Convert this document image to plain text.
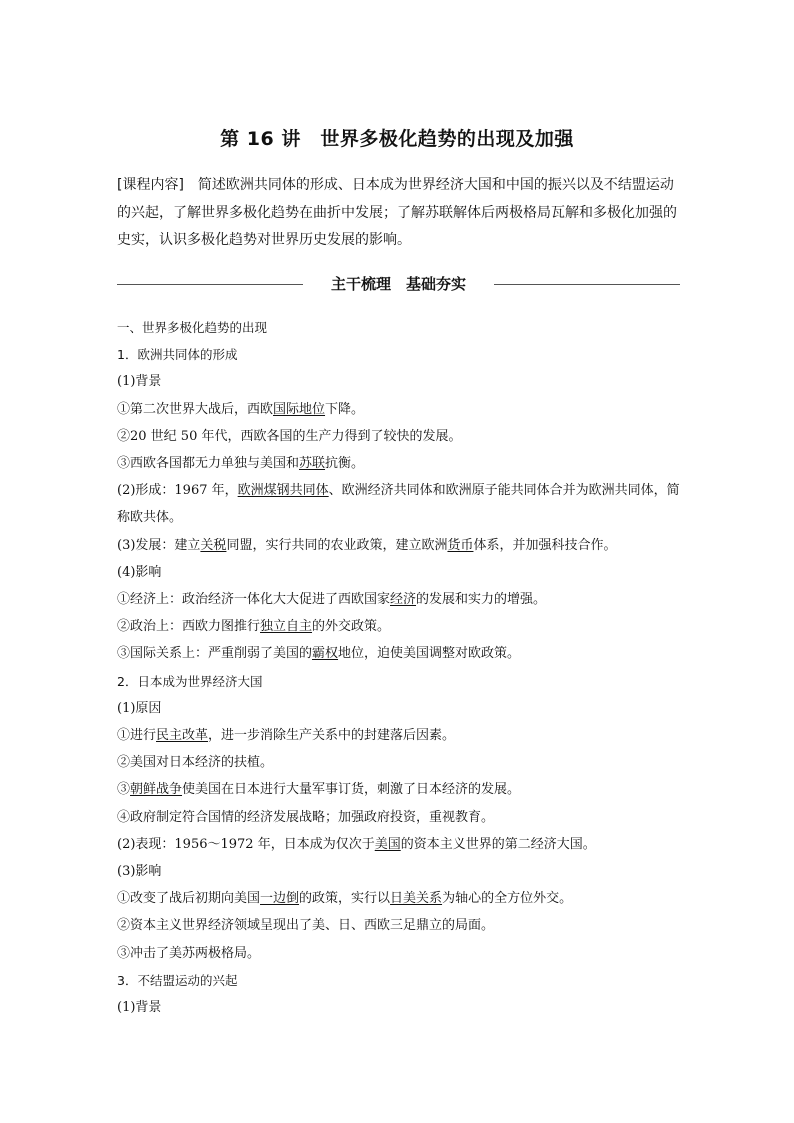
第 16 讲　世界多极化趋势的出现及加强
[课程内容]　简述欧洲共同体的形成、日本成为世界经济大国和中国的振兴以及不结盟运动的兴起，了解世界多极化趋势在曲折中发展；了解苏联解体后两极格局瓦解和多极化加强的史实，认识多极化趋势对世界历史发展的影响。
主干梳理　基础夯实
一、世界多极化趋势的出现
1．欧洲共同体的形成
(1)背景
①第二次世界大战后，西欧国际地位下降。
②20 世纪 50 年代，西欧各国的生产力得到了较快的发展。
③西欧各国都无力单独与美国和苏联抗衡。
(2)形成：1967 年，欧洲煤钢共同体、欧洲经济共同体和欧洲原子能共同体合并为欧洲共同体，简称欧共体。
(3)发展：建立关税同盟，实行共同的农业政策，建立欧洲货币体系，并加强科技合作。
(4)影响
①经济上：政治经济一体化大大促进了西欧国家经济的发展和实力的增强。
②政治上：西欧力图推行独立自主的外交政策。
③国际关系上：严重削弱了美国的霸权地位，迫使美国调整对欧政策。
2．日本成为世界经济大国
(1)原因
①进行民主改革，进一步消除生产关系中的封建落后因素。
②美国对日本经济的扶植。
③朝鲜战争使美国在日本进行大量军事订货，刺激了日本经济的发展。
④政府制定符合国情的经济发展战略；加强政府投资，重视教育。
(2)表现：1956～1972 年，日本成为仅次于美国的资本主义世界的第二经济大国。
(3)影响
①改变了战后初期向美国一边倒的政策，实行以日美关系为轴心的全方位外交。
②资本主义世界经济领域呈现出了美、日、西欧三足鼎立的局面。
③冲击了美苏两极格局。
3．不结盟运动的兴起
(1)背景
